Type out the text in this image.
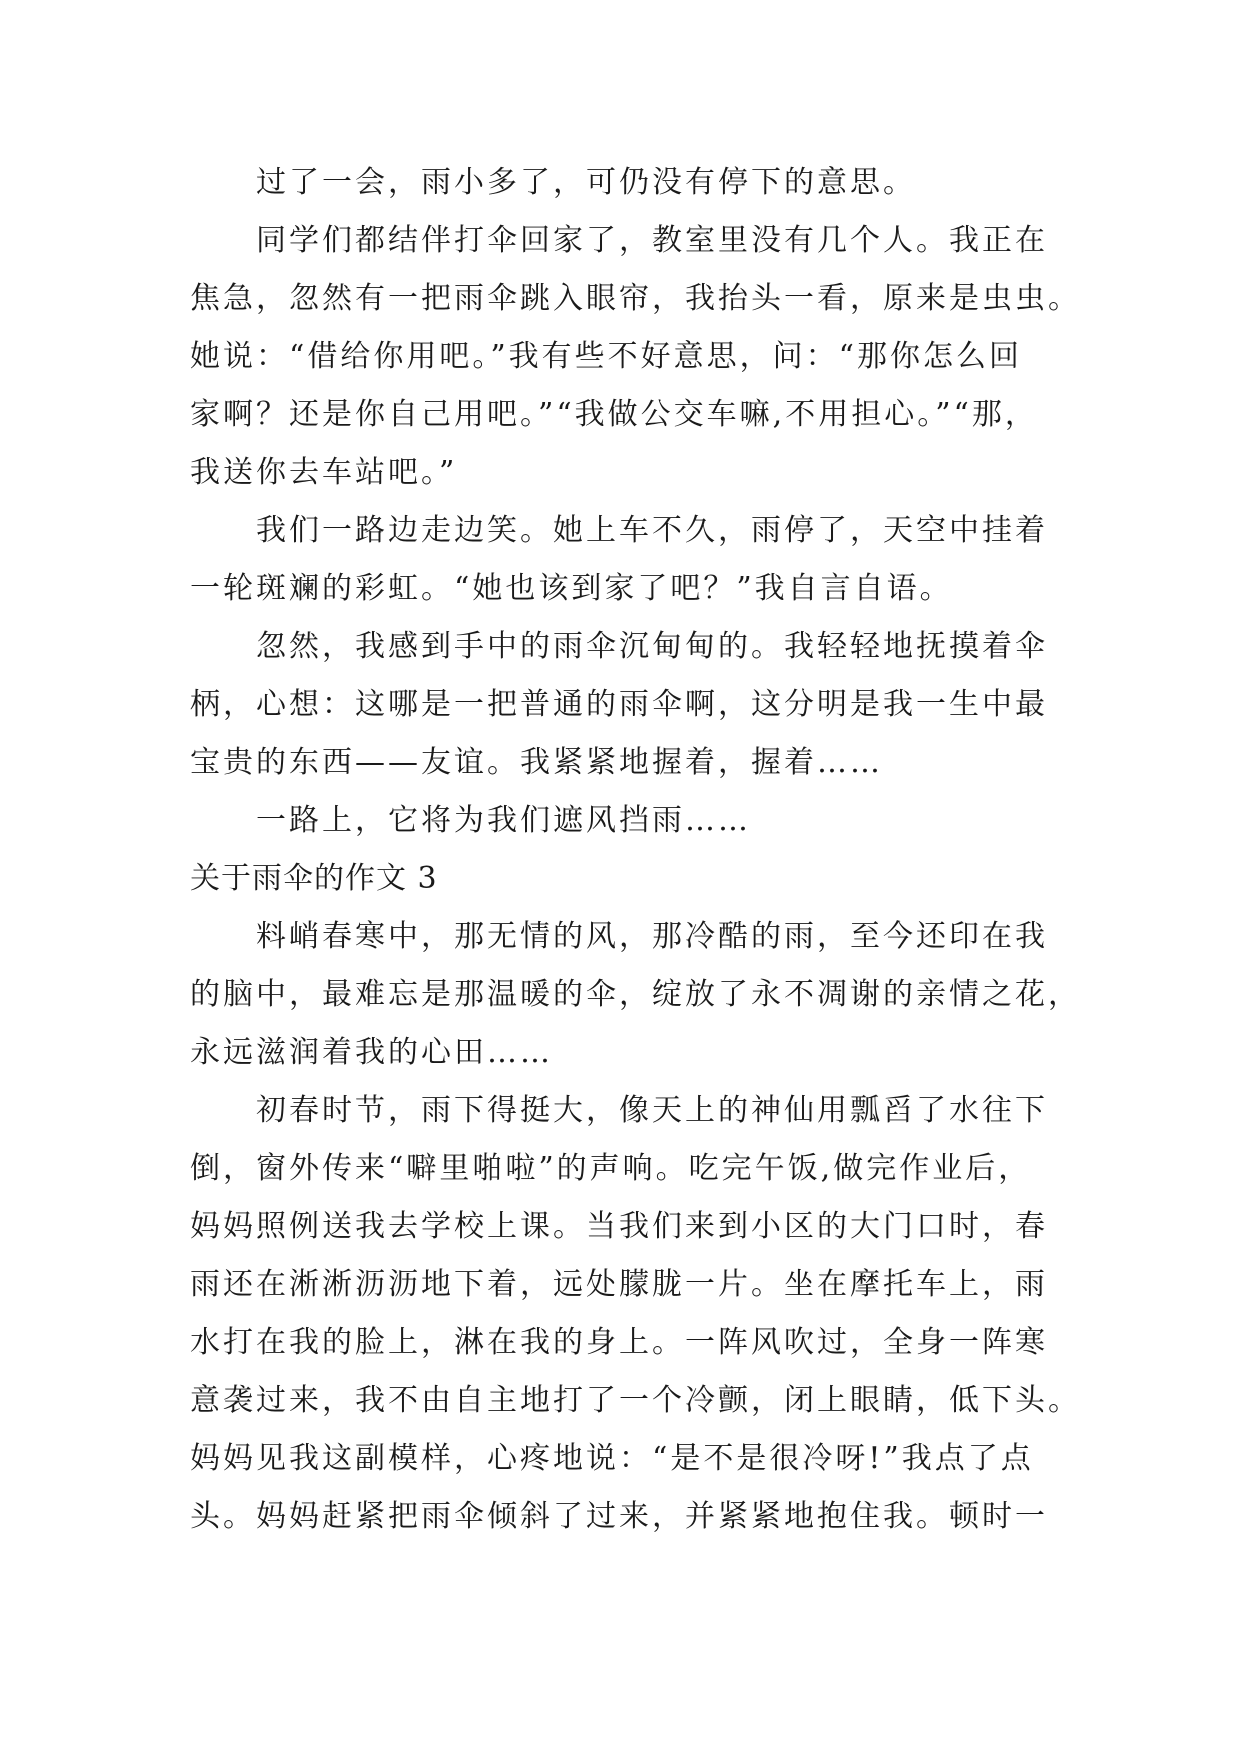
过了一会，雨小多了，可仍没有停下的意思。
同学们都结伴打伞回家了，教室里没有几个人。我正在
焦急，忽然有一把雨伞跳入眼帘，我抬头一看，原来是虫虫。
她说：“借给你用吧。”我有些不好意思，问：“那你怎么回
家啊？还是你自己用吧。”“我做公交车嘛,不用担心。”“那，
我送你去车站吧。”
我们一路边走边笑。她上车不久，雨停了，天空中挂着
一轮斑斓的彩虹。“她也该到家了吧？”我自言自语。
忽然，我感到手中的雨伞沉甸甸的。我轻轻地抚摸着伞
柄，心想：这哪是一把普通的雨伞啊，这分明是我一生中最
宝贵的东西——友谊。我紧紧地握着，握着……
一路上，它将为我们遮风挡雨……
关于雨伞的作文 3
料峭春寒中，那无情的风，那冷酷的雨，至今还印在我
的脑中，最难忘是那温暖的伞，绽放了永不凋谢的亲情之花，
永远滋润着我的心田……
初春时节，雨下得挺大，像天上的神仙用瓢舀了水往下
倒，窗外传来“噼里啪啦”的声响。吃完午饭,做完作业后，
妈妈照例送我去学校上课。当我们来到小区的大门口时，春
雨还在淅淅沥沥地下着，远处朦胧一片。坐在摩托车上，雨
水打在我的脸上，淋在我的身上。一阵风吹过，全身一阵寒
意袭过来，我不由自主地打了一个冷颤，闭上眼睛，低下头。
妈妈见我这副模样，心疼地说：“是不是很冷呀!”我点了点
头。妈妈赶紧把雨伞倾斜了过来，并紧紧地抱住我。顿时一
